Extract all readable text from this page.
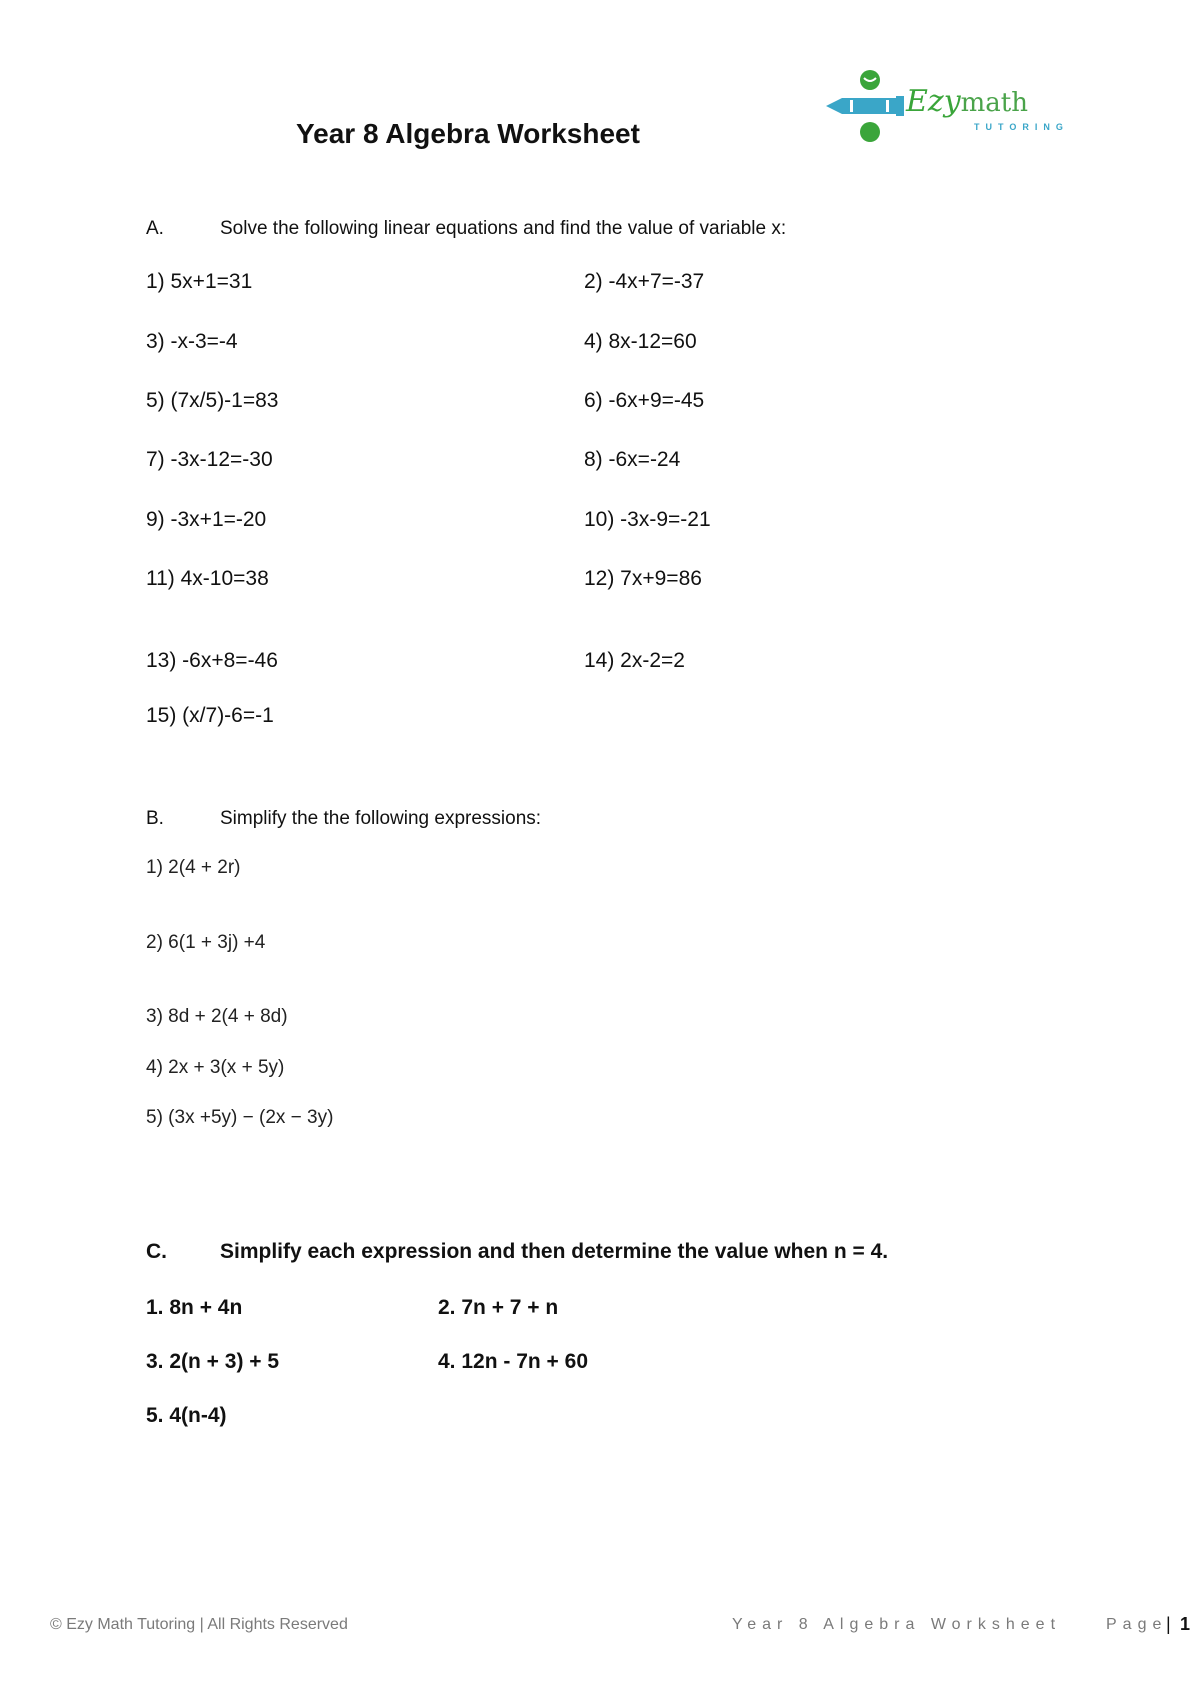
Ezymath
TUTORING
Year 8 Algebra Worksheet
A.	Solve the following linear equations and find the value of variable x:
1) 5x+1=31	2) -4x+7=-37
3) -x-3=-4	4) 8x-12=60
5) (7x/5)-1=83	6) -6x+9=-45
7) -3x-12=-30	8) -6x=-24
9) -3x+1=-20	10) -3x-9=-21
11) 4x-10=38	12) 7x+9=86
13) -6x+8=-46	14) 2x-2=2
15) (x/7)-6=-1
B.	Simplify the the following expressions:
1) 2(4 + 2r)
2) 6(1 + 3j) +4
3) 8d + 2(4 + 8d)
4) 2x + 3(x + 5y)
5) (3x +5y) − (2x − 3y)
C.	Simplify each expression and then determine the value when n = 4.
1. 8n + 4n	2. 7n + 7 + n
3. 2(n + 3) + 5	4. 12n - 7n + 60
5. 4(n-4)
© Ezy Math Tutoring | All Rights Reserved	Year 8 Algebra Worksheet	Page
| 1
